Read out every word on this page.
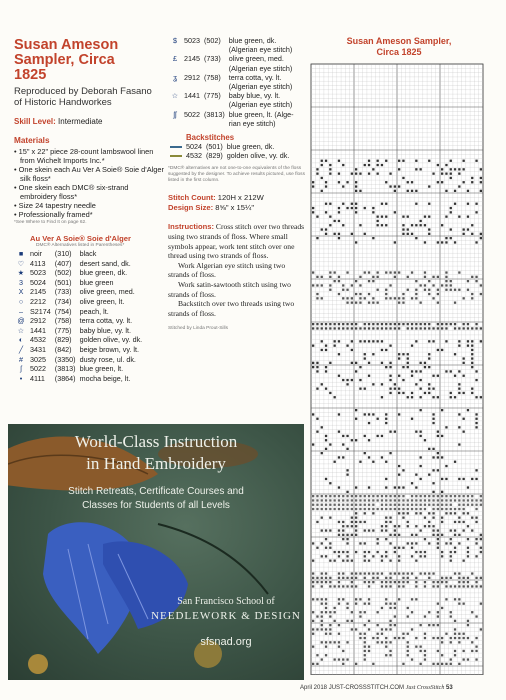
Susan Ameson
Sampler, Circa
1825
Reproduced by Deborah Fasano
of Historic Handworkes
Skill Level: Intermediate
Materials
• 15" x 22" piece 28-count lambswool linen from Wichelt Imports Inc.*
• One skein each Au Ver A Soie® Soie d'Alger silk floss*
• One skein each DMC® six-strand embroidery floss*
• Size 24 tapestry needle
• Professionally framed*
*See Where to Find It on page 62.
Au Ver A Soie® Soie d'Alger
DMC® Alternatives listed in Parentheses*
■	noir	(310)	black
♡	4113	(407)	desert sand, dk.
★	5023	(502)	blue green, dk.
3	5024	(501)	blue green
X	2145	(733)	olive green, med.
○	2212	(734)	olive green, lt.
–	S2174	(754)	peach, lt.
@	2912	(758)	terra cotta, vy. lt.
☆	1441	(775)	baby blue, vy. lt.
◐	4532	(829)	golden olive, vy. dk.
╱	3431	(842)	beige brown, vy. lt.
#	3025	(3350)	dusty rose, ul. dk.
ʃ	5022	(3813)	blue green, lt.
•	4111	(3864)	mocha beige, lt.
$	5023	(502)	blue green, dk.
(Algerian eye stitch)

£	2145	(733)	olive green, med.
(Algerian eye stitch)

ʓ	2912	(758)	terra cotta, vy. lt.
(Algerian eye stitch)

☆	1441	(775)	baby blue, vy. lt.
(Algerian eye stitch)

ʃʃ	5022	(3813)	blue green, lt. (Alge-
rian eye stitch)
Backstitches
	5024	(501)	blue green, dk.
	4532	(829)	golden olive, vy. dk.
*DMC® alternatives are not one-to-one equivalents of the floss suggested by the designer. To achieve results pictured, use floss listed in the first column.
Stitch Count: 120H x 212W
Design Size: 8⅝" x 15¼"

Instructions: Cross stitch over two threads using two strands of floss. Where small symbols appear, work tent stitch over one thread using two strands of floss.

Work Algerian eye stitch using two strands of floss.

Work satin-sawtooth stitch using two strands of floss.

Backstitch over two threads using two strands of floss.

Stitched by Linda Prout-Sills
Susan Ameson Sampler,
Circa 1825
World-Class Instruction
in Hand Embroidery
Stitch Retreats, Certificate Courses and
Classes for Students of all Levels
San Francisco School of
NEEDLEWORK & DESIGN
sfsnad.org
April 2018 JUST-CROSSSTITCH.COM Just CrossStitch 53
